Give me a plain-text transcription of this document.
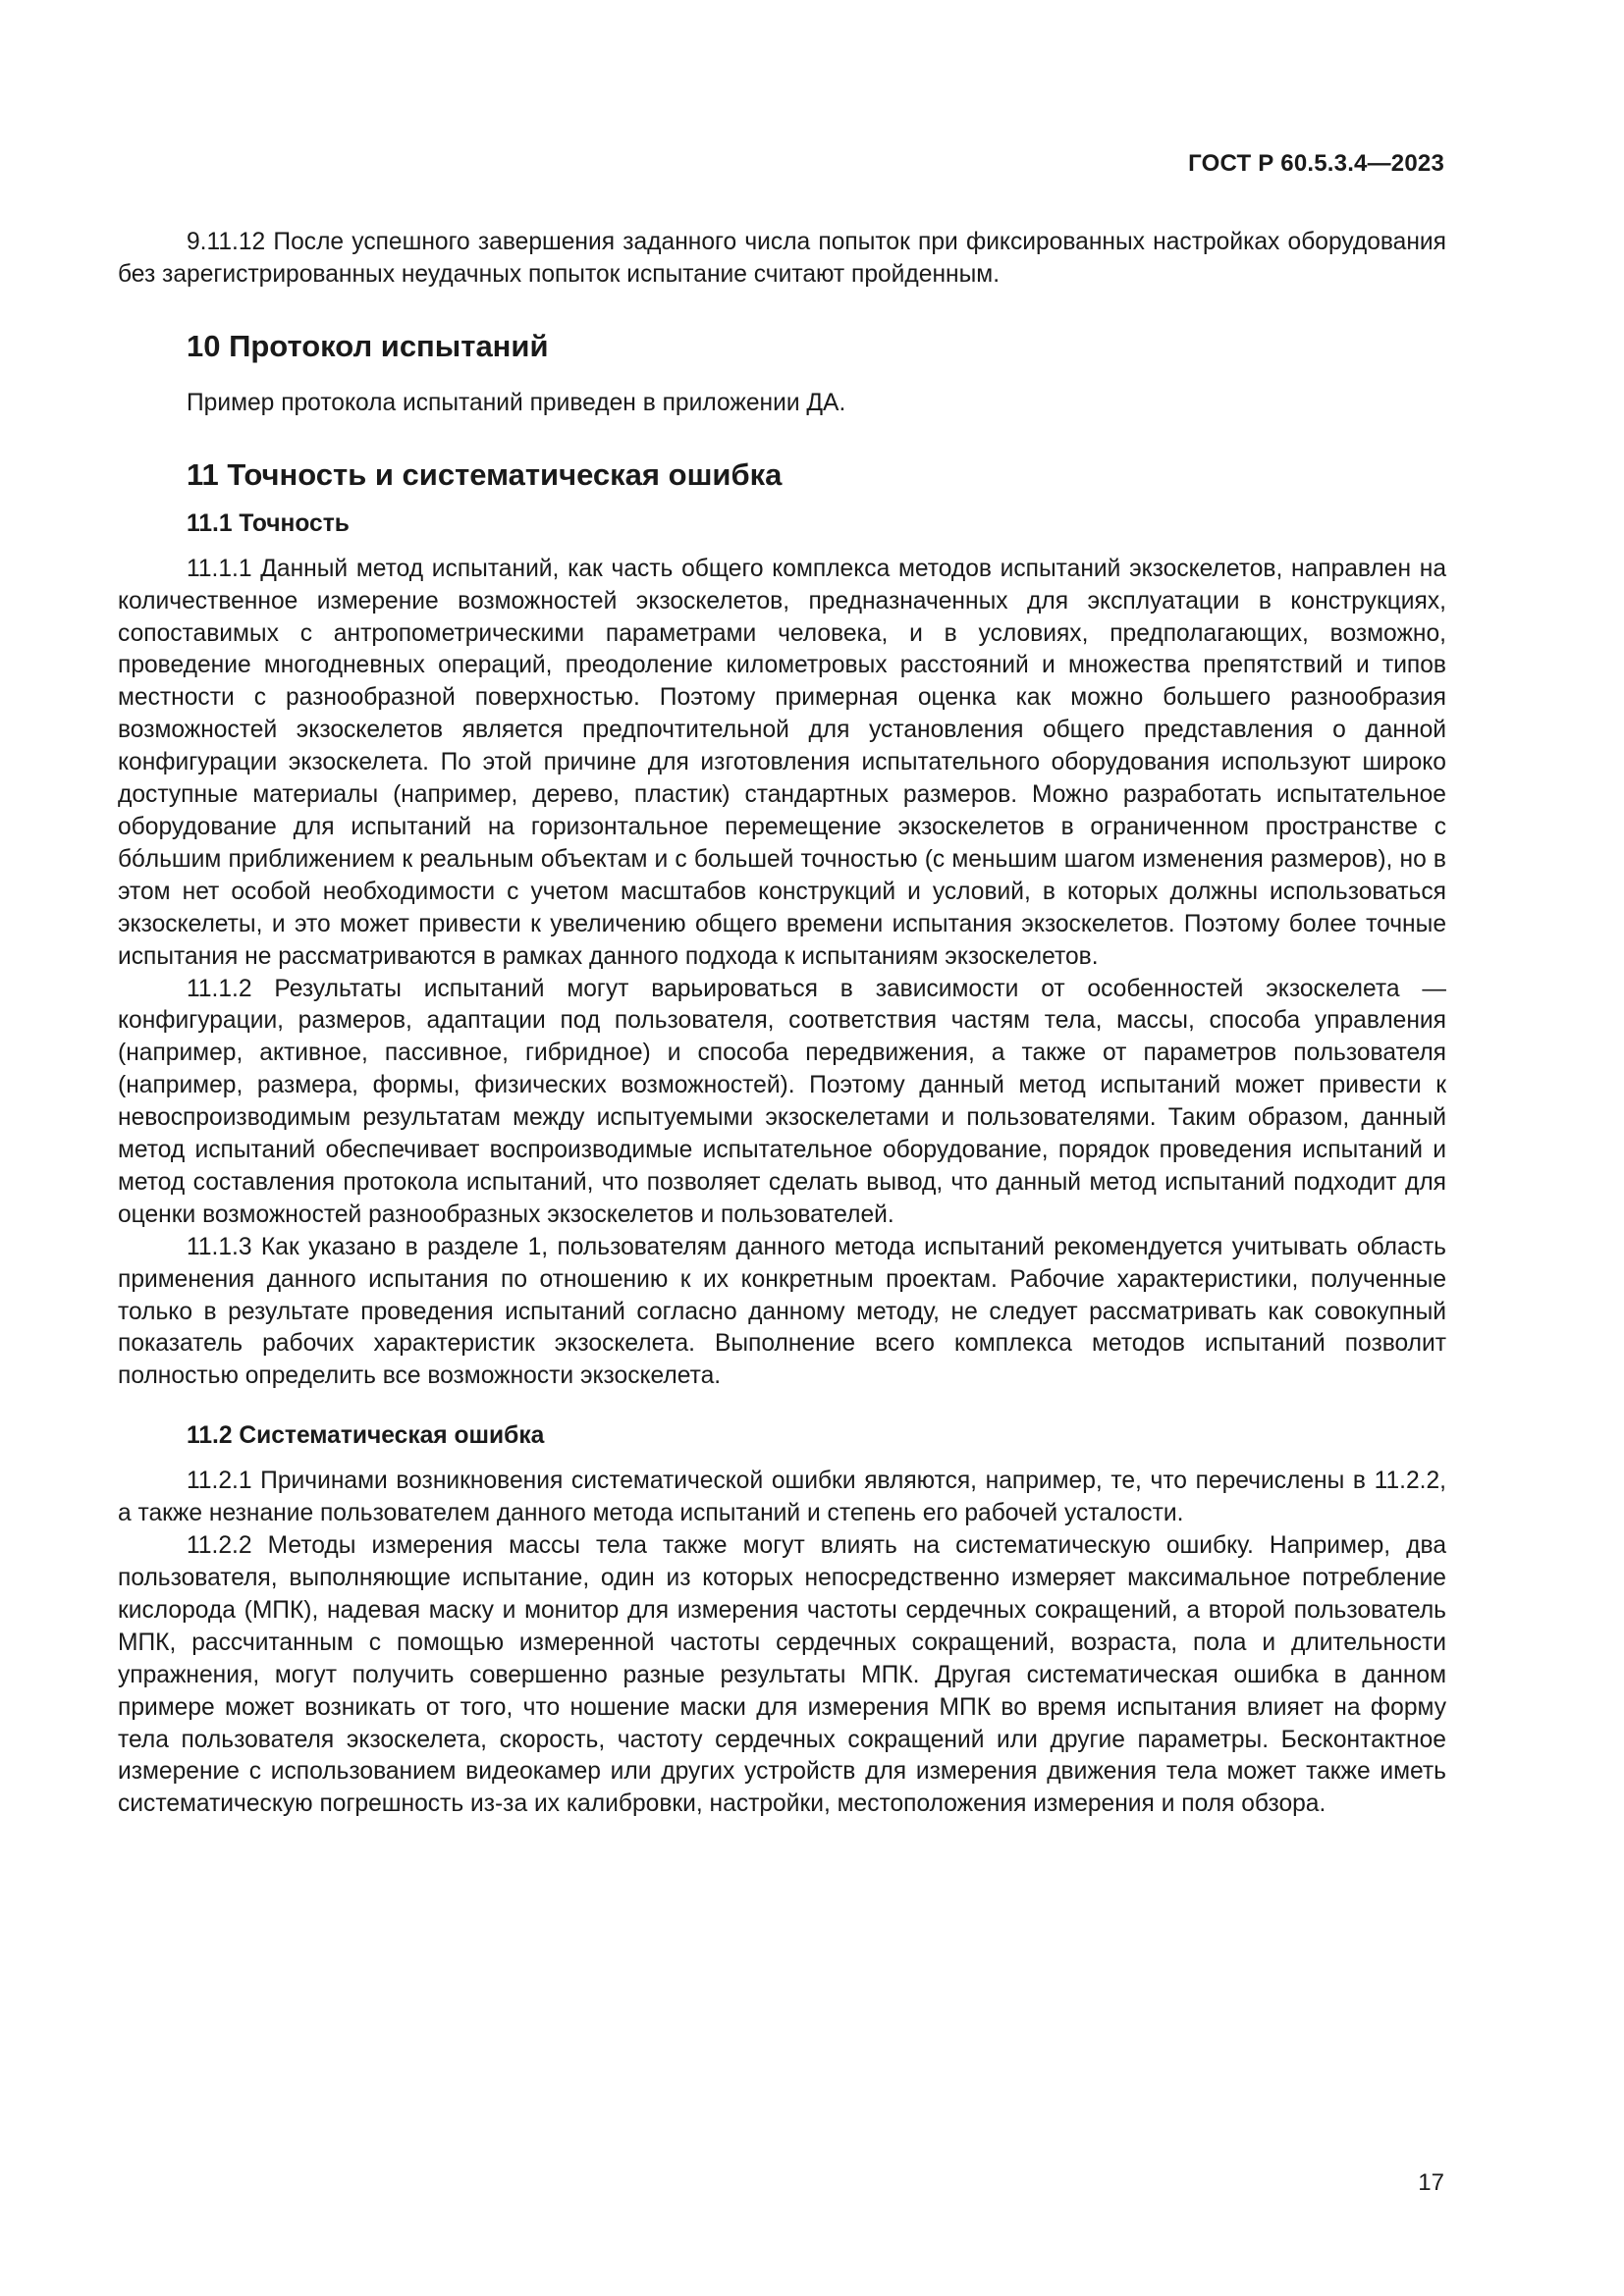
ГОСТ Р 60.5.3.4—2023

9.11.12 После успешного завершения заданного числа попыток при фиксированных настройках оборудования без зарегистрированных неудачных попыток испытание считают пройденным.

10 Протокол испытаний

Пример протокола испытаний приведен в приложении ДА.

11 Точность и систематическая ошибка
11.1 Точность

11.1.1 Данный метод испытаний, как часть общего комплекса методов испытаний экзоскелетов, направлен на количественное измерение возможностей экзоскелетов, предназначенных для эксплуатации в конструкциях, сопоставимых с антропометрическими параметрами человека, и в условиях, предполагающих, возможно, проведение многодневных операций, преодоление километровых расстояний и множества препятствий и типов местности с разнообразной поверхностью. Поэтому примерная оценка как можно большего разнообразия возможностей экзоскелетов является предпочтительной для установления общего представления о данной конфигурации экзоскелета. По этой причине для изготовления испытательного оборудования используют широко доступные материалы (например, дерево, пластик) стандартных размеров. Можно разработать испытательное оборудование для испытаний на горизонтальное перемещение экзоскелетов в ограниченном пространстве с бóльшим приближением к реальным объектам и с большей точностью (с меньшим шагом изменения размеров), но в этом нет особой необходимости с учетом масштабов конструкций и условий, в которых должны использоваться экзоскелеты, и это может привести к увеличению общего времени испытания экзоскелетов. Поэтому более точные испытания не рассматриваются в рамках данного подхода к испытаниям экзоскелетов.

11.1.2 Результаты испытаний могут варьироваться в зависимости от особенностей экзоскелета — конфигурации, размеров, адаптации под пользователя, соответствия частям тела, массы, способа управления (например, активное, пассивное, гибридное) и способа передвижения, а также от параметров пользователя (например, размера, формы, физических возможностей). Поэтому данный метод испытаний может привести к невоспроизводимым результатам между испытуемыми экзоскелетами и пользователями. Таким образом, данный метод испытаний обеспечивает воспроизводимые испытательное оборудование, порядок проведения испытаний и метод составления протокола испытаний, что позволяет сделать вывод, что данный метод испытаний подходит для оценки возможностей разнообразных экзоскелетов и пользователей.

11.1.3 Как указано в разделе 1, пользователям данного метода испытаний рекомендуется учитывать область применения данного испытания по отношению к их конкретным проектам. Рабочие характеристики, полученные только в результате проведения испытаний согласно данному методу, не следует рассматривать как совокупный показатель рабочих характеристик экзоскелета. Выполнение всего комплекса методов испытаний позволит полностью определить все возможности экзоскелета.

11.2 Систематическая ошибка

11.2.1 Причинами возникновения систематической ошибки являются, например, те, что перечислены в 11.2.2, а также незнание пользователем данного метода испытаний и степень его рабочей усталости.

11.2.2 Методы измерения массы тела также могут влиять на систематическую ошибку. Например, два пользователя, выполняющие испытание, один из которых непосредственно измеряет максимальное потребление кислорода (МПК), надевая маску и монитор для измерения частоты сердечных сокращений, а второй пользователь МПК, рассчитанным с помощью измеренной частоты сердечных сокращений, возраста, пола и длительности упражнения, могут получить совершенно разные результаты МПК. Другая систематическая ошибка в данном примере может возникать от того, что ношение маски для измерения МПК во время испытания влияет на форму тела пользователя экзоскелета, скорость, частоту сердечных сокращений или другие параметры. Бесконтактное измерение с использованием видеокамер или других устройств для измерения движения тела может также иметь систематическую погрешность из-за их калибровки, настройки, местоположения измерения и поля обзора.

17
